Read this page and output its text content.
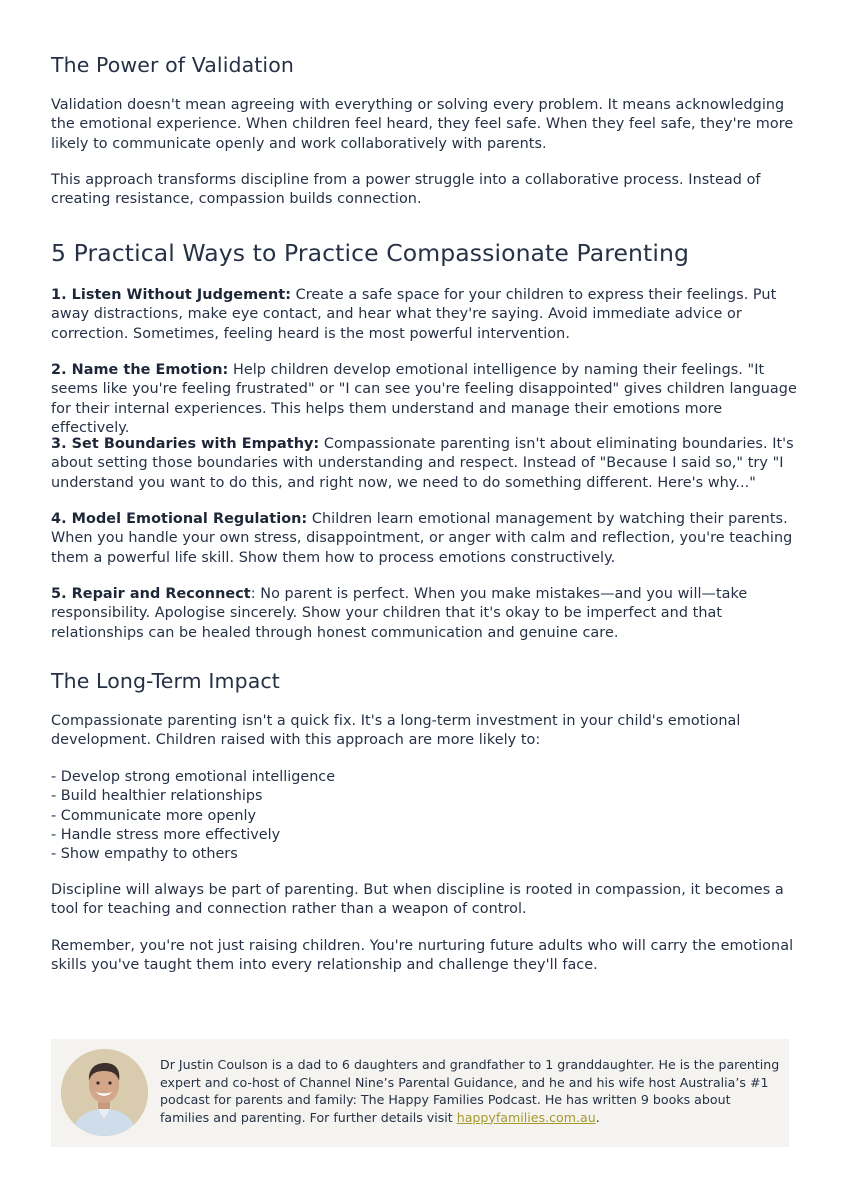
The Power of Validation

Validation doesn't mean agreeing with everything or solving every problem. It means acknowledging the emotional experience. When children feel heard, they feel safe. When they feel safe, they're more likely to communicate openly and work collaboratively with parents.

This approach transforms discipline from a power struggle into a collaborative process. Instead of creating resistance, compassion builds connection.

5 Practical Ways to Practice Compassionate Parenting

1. Listen Without Judgement: Create a safe space for your children to express their feelings. Put away distractions, make eye contact, and hear what they're saying. Avoid immediate advice or correction. Sometimes, feeling heard is the most powerful intervention.

2. Name the Emotion: Help children develop emotional intelligence by naming their feelings. "It seems like you're feeling frustrated" or "I can see you're feeling disappointed" gives children language for their internal experiences. This helps them understand and manage their emotions more effectively.

3. Set Boundaries with Empathy: Compassionate parenting isn't about eliminating boundaries. It's about setting those boundaries with understanding and respect. Instead of "Because I said so," try "I understand you want to do this, and right now, we need to do something different. Here's why..."

4. Model Emotional Regulation: Children learn emotional management by watching their parents. When you handle your own stress, disappointment, or anger with calm and reflection, you're teaching them a powerful life skill. Show them how to process emotions constructively.

5. Repair and Reconnect: No parent is perfect. When you make mistakes—and you will—take responsibility. Apologise sincerely. Show your children that it's okay to be imperfect and that relationships can be healed through honest communication and genuine care.

The Long-Term Impact

Compassionate parenting isn't a quick fix. It's a long-term investment in your child's emotional development. Children raised with this approach are more likely to:

- Develop strong emotional intelligence
- Build healthier relationships
- Communicate more openly
- Handle stress more effectively
- Show empathy to others

Discipline will always be part of parenting. But when discipline is rooted in compassion, it becomes a tool for teaching and connection rather than a weapon of control.

Remember, you're not just raising children. You're nurturing future adults who will carry the emotional skills you've taught them into every relationship and challenge they'll face.

Dr Justin Coulson is a dad to 6 daughters and grandfather to 1 granddaughter. He is the parenting expert and co-host of Channel Nine’s Parental Guidance, and he and his wife host Australia’s #1 podcast for parents and family: The Happy Families Podcast. He has written 9 books about families and parenting. For further details visit happyfamilies.com.au.
